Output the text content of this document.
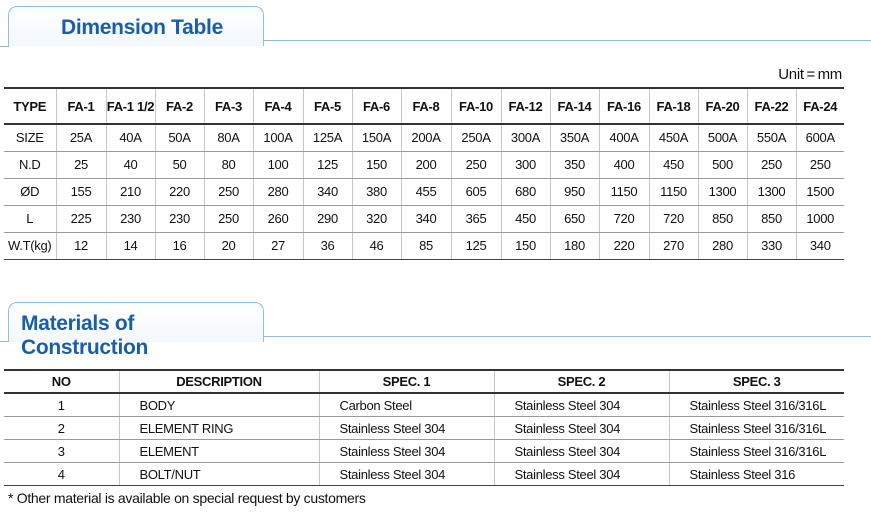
Dimension Table
Unit = mm
TYPE	FA-1	FA-1 1/2	FA-2	FA-3	FA-4	FA-5	FA-6	FA-8	FA-10	FA-12	FA-14	FA-16	FA-18	FA-20	FA-22	FA-24
SIZE	25A	40A	50A	80A	100A	125A	150A	200A	250A	300A	350A	400A	450A	500A	550A	600A
N.D	25	40	50	80	100	125	150	200	250	300	350	400	450	500	250	250
ØD	155	210	220	250	280	340	380	455	605	680	950	1150	1150	1300	1300	1500
L	225	230	230	250	260	290	320	340	365	450	650	720	720	850	850	1000
W.T(kg)	12	14	16	20	27	36	46	85	125	150	180	220	270	280	330	340
Materials of Construction
NO	DESCRIPTION	SPEC. 1	SPEC. 2	SPEC. 3
1	BODY	Carbon Steel	Stainless Steel 304	Stainless Steel 316/316L
2	ELEMENT RING	Stainless Steel 304	Stainless Steel 304	Stainless Steel 316/316L
3	ELEMENT	Stainless Steel 304	Stainless Steel 304	Stainless Steel 316/316L
4	BOLT/NUT	Stainless Steel 304	Stainless Steel 304	Stainless Steel 316
* Other material is available on special request by customers
